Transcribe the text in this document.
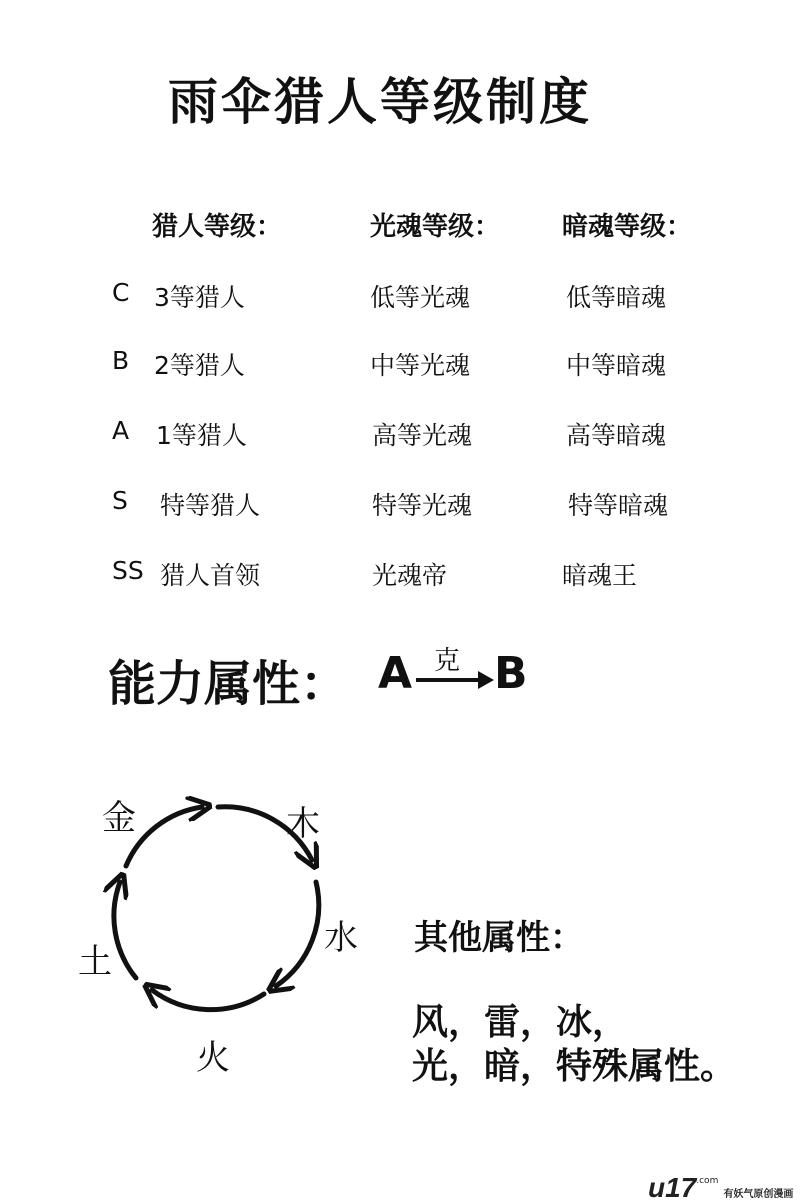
雨伞猎人等级制度
猎人等级：	光魂等级： 暗魂等级：
C 3等猎人	低等光魂	低等暗魂
B 2等猎人	中等光魂	中等暗魂
A 1等猎人	高等光魂	高等暗魂
S 特等猎人	特等光魂	特等暗魂
SS 猎人首领	光魂帝	暗魂王
能力属性： A 克 B
金	木
水
火
土
其他属性：
风，雷，冰，
光，暗，特殊属性。
$u17^{.com}$ 有妖气原创漫画
